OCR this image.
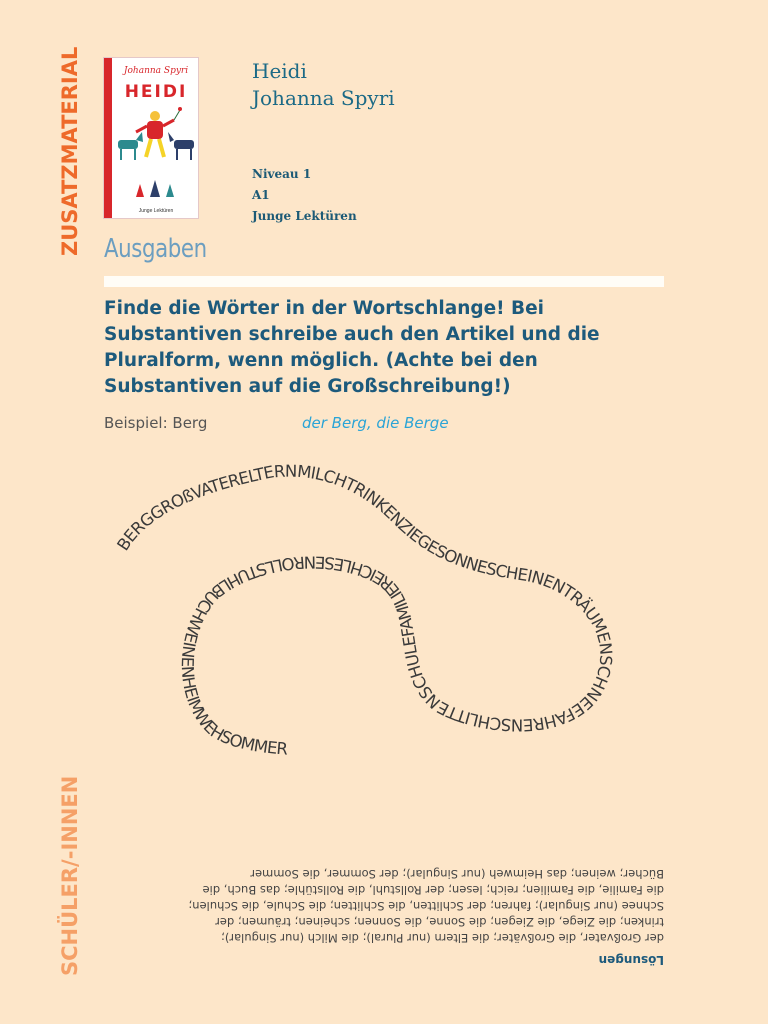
ZUSATZMATERIAL
SCHÜLER/-INNEN
Johanna Spyri
HEIDI
Junge Lektüren
Heidi
Johanna Spyri
Niveau 1
A1
Junge Lektüren
Ausgaben
Finde die Wörter in der Wortschlange! Bei Substantiven schreibe auch den Artikel und die Pluralform, wenn möglich. (Achte bei den Substantiven auf die Großschreibung!)
Beispiel: Berg	der Berg, die Berge
BERGGROßVATERELTERNMILCHTRINKENZIEGESONNESCHEINENTRÄUMENSCHNEEFAHRENSCHLITTENSCHULEFAMILIEREICHLESENROLLSTUHLBUCHWEINENHEIMWEHSOMMER
Lösungen
der Großvater, die Großväter; die Eltern (nur Plural); die Milch (nur Singular);
trinken; die Ziege, die Ziegen; die Sonne, die Sonnen; scheinen; träumen; der
Schnee (nur Singular); fahren; der Schlitten, die Schlitten; die Schule, die Schulen;
die Familie, die Familien; reich; lesen; der Rollstuhl, die Rollstühle; das Buch, die
Bücher; weinen; das Heimweh (nur Singular); der Sommer, die Sommer
